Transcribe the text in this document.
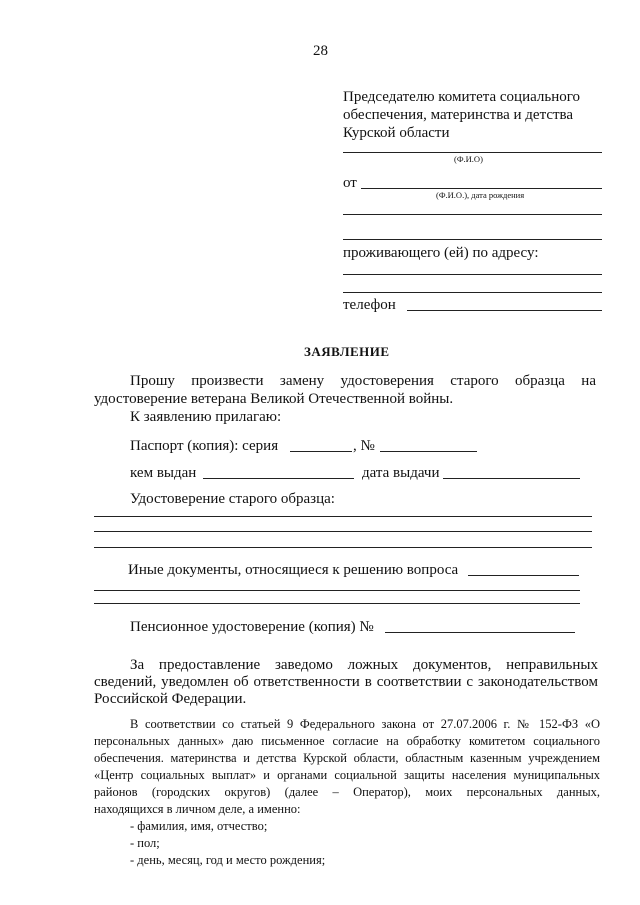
28
Председателю комитета социального
обеспечения, материнства и детства
Курской области
(Ф.И.О)
от
(Ф.И.О.), дата рождения
проживающего (ей) по адресу:
телефон
ЗАЯВЛЕНИЕ
Прошу произвести замену удостоверения старого образца на
удостоверение ветерана Великой Отечественной войны.
К заявлению прилагаю:
Паспорт (копия): серия	, №
кем выдан	дата выдачи
Удостоверение старого образца:
Иные документы, относящиеся к решению вопроса
Пенсионное удостоверение (копия) №
За предоставление заведомо ложных документов, неправильных
сведений, уведомлен об ответственности в соответствии с законодательством
Российской Федерации.
В соответствии со статьей 9 Федерального закона от 27.07.2006 г. № 152-ФЗ «О
персональных данных» даю письменное согласие на обработку комитетом социального
обеспечения. материнства и детства Курской области, областным казенным учреждением
«Центр социальных выплат» и органами социальной защиты населения муниципальных
районов (городских округов) (далее – Оператор), моих персональных данных,
находящихся в личном деле, а именно:
- фамилия, имя, отчество;
- пол;
- день, месяц, год и место рождения;
